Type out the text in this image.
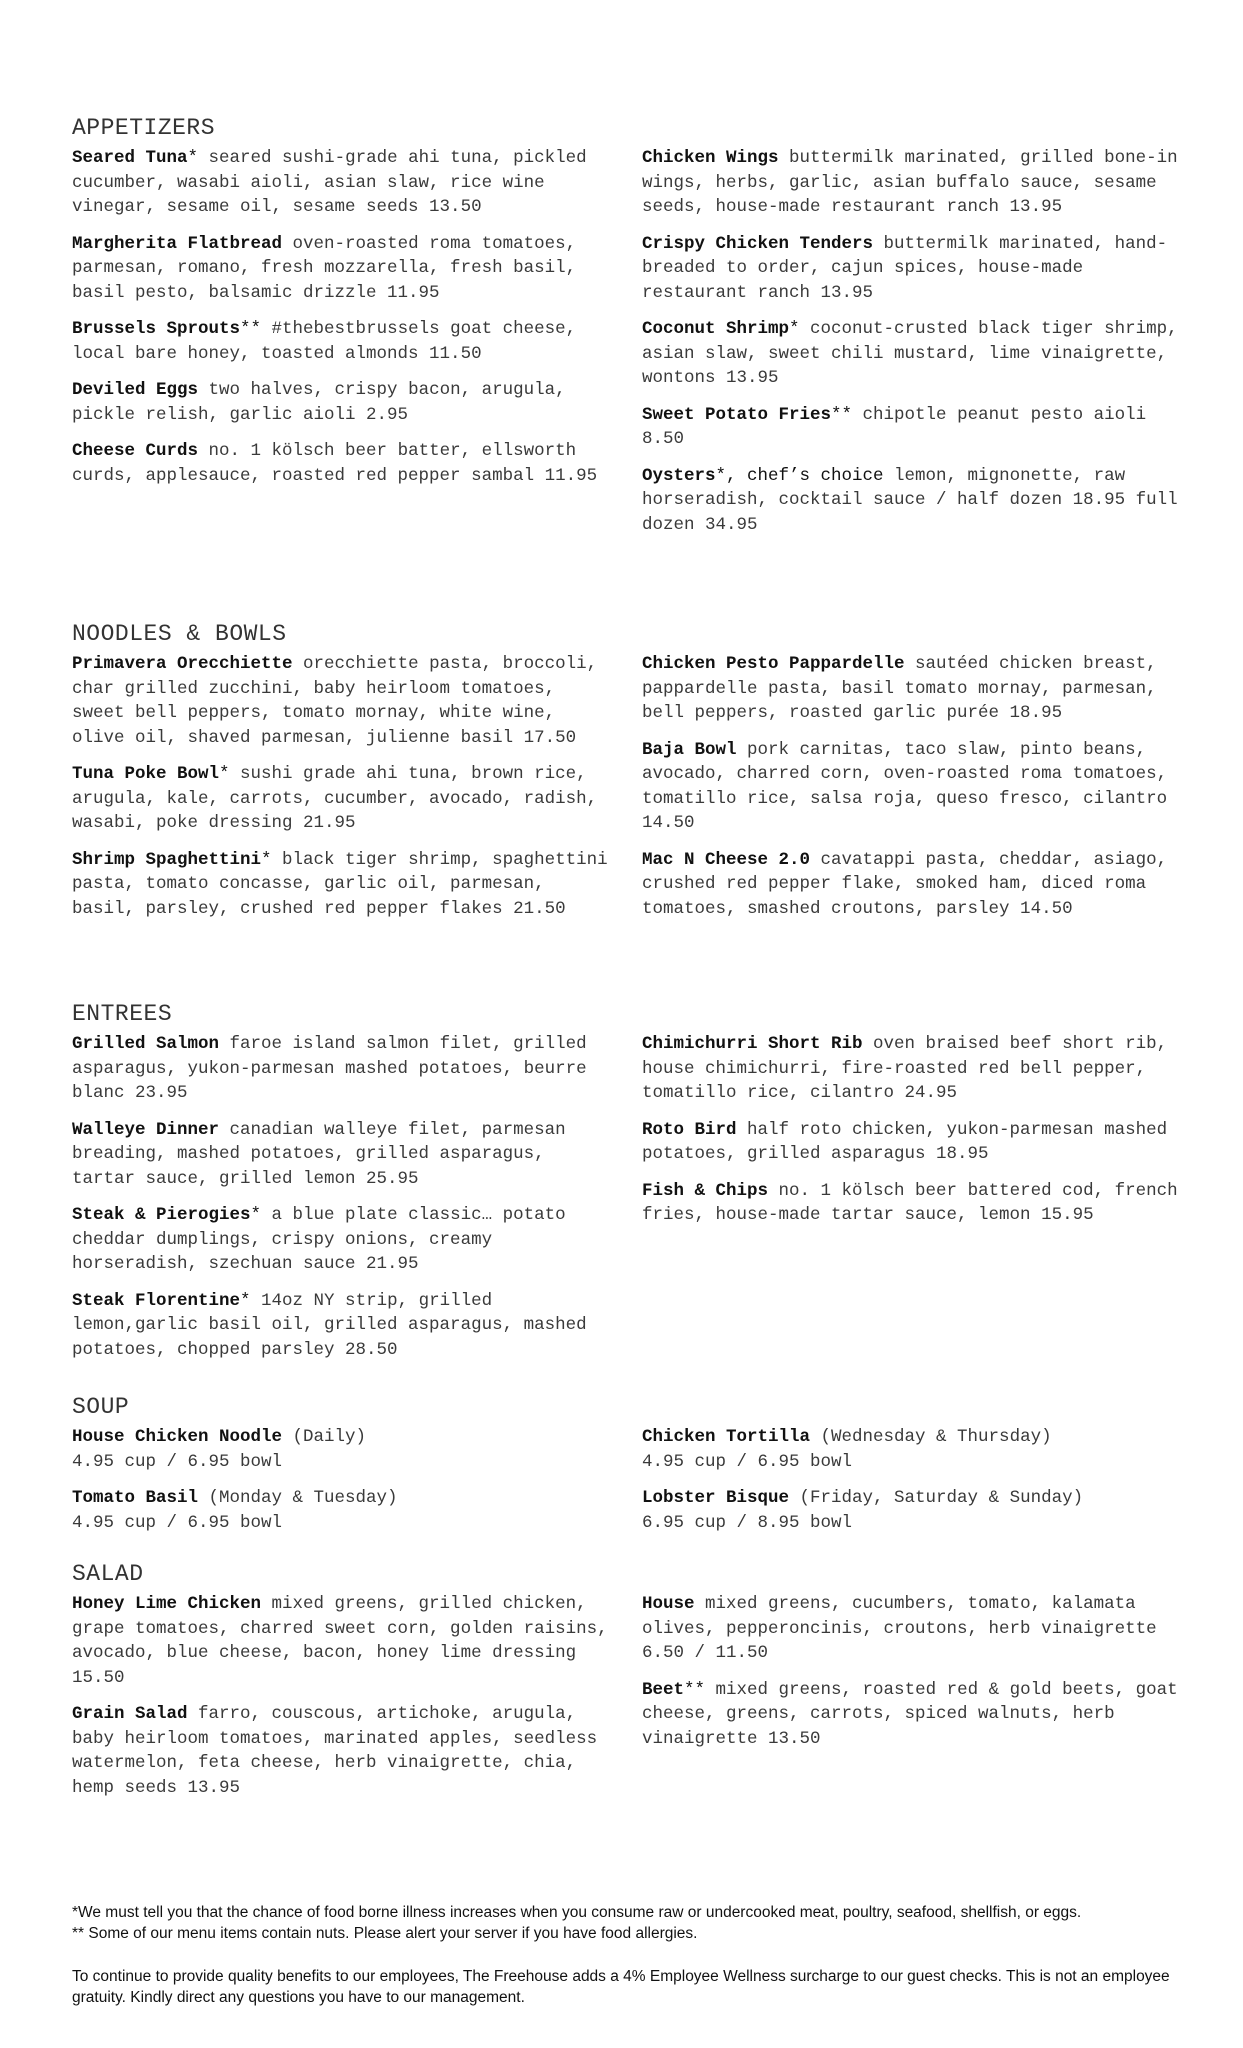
APPETIZERS

Seared Tuna* seared sushi-grade ahi tuna, pickled cucumber, wasabi aioli, asian slaw, rice wine vinegar, sesame oil, sesame seeds 13.50

Margherita Flatbread oven-roasted roma tomatoes, parmesan, romano, fresh mozzarella, fresh basil, basil pesto, balsamic drizzle 11.95

Brussels Sprouts** #thebestbrussels goat cheese, local bare honey, toasted almonds 11.50

Deviled Eggs two halves, crispy bacon, arugula, pickle relish, garlic aioli 2.95

Cheese Curds no. 1 kölsch beer batter, ellsworth curds, applesauce, roasted red pepper sambal 11.95

Chicken Wings buttermilk marinated, grilled bone-in wings, herbs, garlic, asian buffalo sauce, sesame seeds, house-made restaurant ranch 13.95

Crispy Chicken Tenders buttermilk marinated, hand-breaded to order, cajun spices, house-made restaurant ranch 13.95

Coconut Shrimp* coconut-crusted black tiger shrimp, asian slaw, sweet chili mustard, lime vinaigrette, wontons 13.95

Sweet Potato Fries** chipotle peanut pesto aioli 8.50

Oysters*, chef’s choice lemon, mignonette, raw horseradish, cocktail sauce / half dozen 18.95 full dozen 34.95

NOODLES & BOWLS

Primavera Orecchiette orecchiette pasta, broccoli, char grilled zucchini, baby heirloom tomatoes, sweet bell peppers, tomato mornay, white wine, olive oil, shaved parmesan, julienne basil 17.50

Tuna Poke Bowl* sushi grade ahi tuna, brown rice, arugula, kale, carrots, cucumber, avocado, radish, wasabi, poke dressing 21.95

Shrimp Spaghettini* black tiger shrimp, spaghettini pasta, tomato concasse, garlic oil, parmesan, basil, parsley, crushed red pepper flakes 21.50

Chicken Pesto Pappardelle sautéed chicken breast, pappardelle pasta, basil tomato mornay, parmesan, bell peppers, roasted garlic purée 18.95

Baja Bowl pork carnitas, taco slaw, pinto beans, avocado, charred corn, oven-roasted roma tomatoes, tomatillo rice, salsa roja, queso fresco, cilantro 14.50

Mac N Cheese 2.0 cavatappi pasta, cheddar, asiago, crushed red pepper flake, smoked ham, diced roma tomatoes, smashed croutons, parsley 14.50

ENTREES

Grilled Salmon faroe island salmon filet, grilled asparagus, yukon-parmesan mashed potatoes, beurre blanc 23.95

Walleye Dinner canadian walleye filet, parmesan breading, mashed potatoes, grilled asparagus, tartar sauce, grilled lemon 25.95

Steak & Pierogies* a blue plate classic… potato cheddar dumplings, crispy onions, creamy horseradish, szechuan sauce 21.95

Steak Florentine* 14oz NY strip, grilled lemon,garlic basil oil, grilled asparagus, mashed potatoes, chopped parsley 28.50

Chimichurri Short Rib oven braised beef short rib, house chimichurri, fire-roasted red bell pepper, tomatillo rice, cilantro 24.95

Roto Bird half roto chicken, yukon-parmesan mashed potatoes, grilled asparagus 18.95

Fish & Chips no. 1 kölsch beer battered cod, french fries, house-made tartar sauce, lemon 15.95

SOUP

House Chicken Noodle (Daily)
4.95 cup / 6.95 bowl

Tomato Basil (Monday & Tuesday)
4.95 cup / 6.95 bowl

Chicken Tortilla (Wednesday & Thursday)
4.95 cup / 6.95 bowl

Lobster Bisque (Friday, Saturday & Sunday)
6.95 cup / 8.95 bowl

SALAD

Honey Lime Chicken mixed greens, grilled chicken, grape tomatoes, charred sweet corn, golden raisins, avocado, blue cheese, bacon, honey lime dressing 15.50

Grain Salad farro, couscous, artichoke, arugula, baby heirloom tomatoes, marinated apples, seedless watermelon, feta cheese, herb vinaigrette, chia, hemp seeds 13.95

House mixed greens, cucumbers, tomato, kalamata olives, pepperoncinis, croutons, herb vinaigrette 6.50 / 11.50

Beet** mixed greens, roasted red & gold beets, goat cheese, greens, carrots, spiced walnuts, herb vinaigrette 13.50

*We must tell you that the chance of food borne illness increases when you consume raw or undercooked meat, poultry, seafood, shellfish, or eggs.

** Some of our menu items contain nuts. Please alert your server if you have food allergies.

To continue to provide quality benefits to our employees, The Freehouse adds a 4% Employee Wellness surcharge to our guest checks. This is not an employee gratuity. Kindly direct any questions you have to our management.
